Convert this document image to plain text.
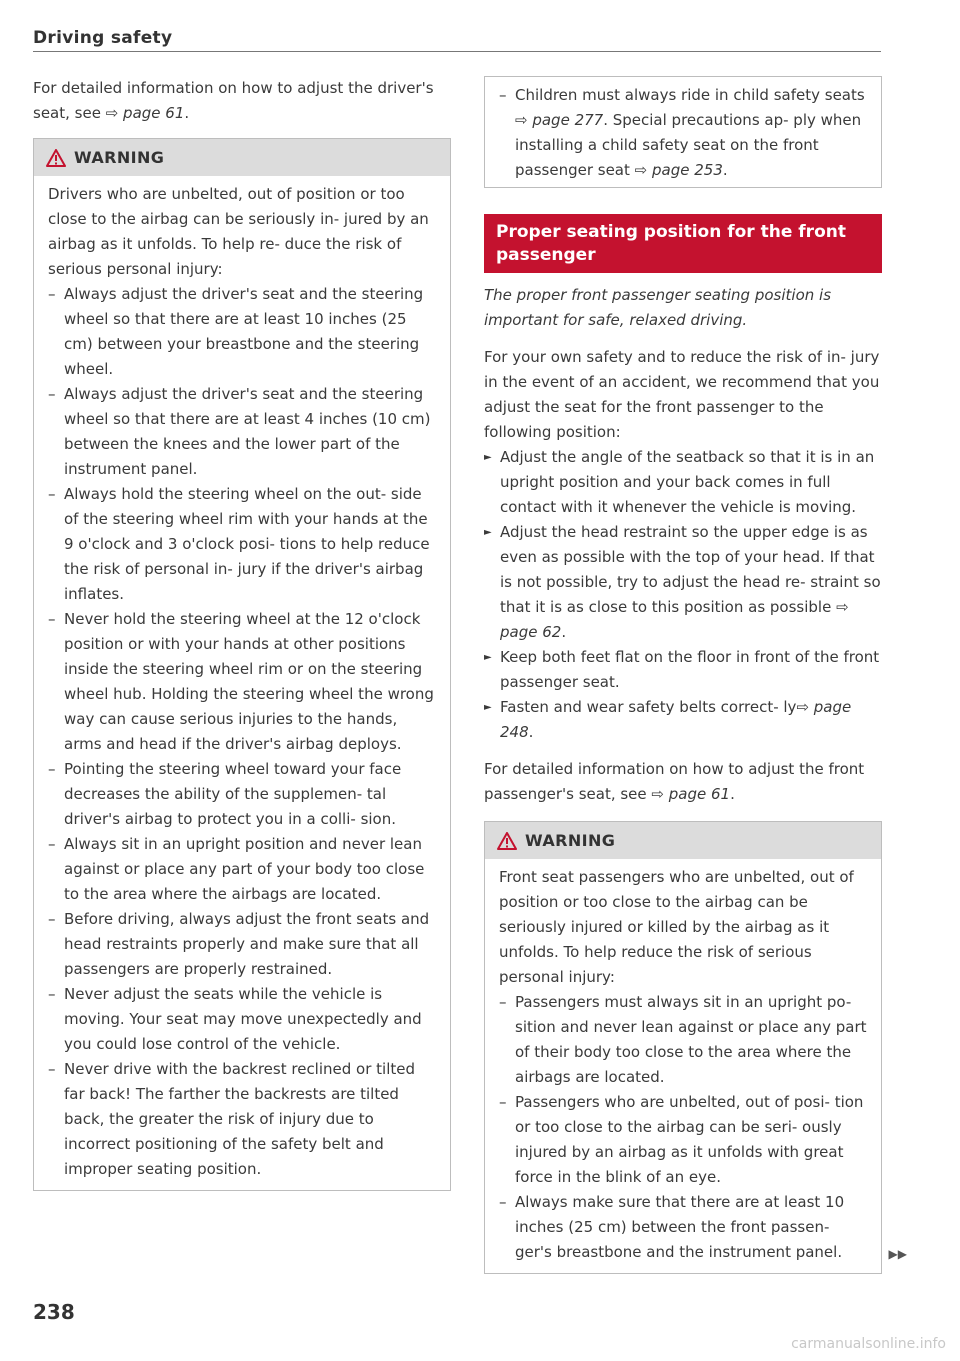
Driving safety

For detailed information on how to adjust the driver's seat, see ⇨ page 61.

WARNING

Drivers who are unbelted, out of position or too close to the airbag can be seriously in- jured by an airbag as it unfolds. To help re- duce the risk of serious personal injury:

– Always adjust the driver's seat and the steering wheel so that there are at least 10 inches (25 cm) between your breastbone and the steering wheel.
– Always adjust the driver's seat and the steering wheel so that there are at least 4 inches (10 cm) between the knees and the lower part of the instrument panel.
– Always hold the steering wheel on the out- side of the steering wheel rim with your hands at the 9 o'clock and 3 o'clock posi- tions to help reduce the risk of personal in- jury if the driver's airbag inflates.
– Never hold the steering wheel at the 12 o'clock position or with your hands at other positions inside the steering wheel rim or on the steering wheel hub. Holding the steering wheel the wrong way can cause serious injuries to the hands, arms and head if the driver's airbag deploys.
– Pointing the steering wheel toward your face decreases the ability of the supplemen- tal driver's airbag to protect you in a colli- sion.
– Always sit in an upright position and never lean against or place any part of your body too close to the area where the airbags are located.
– Before driving, always adjust the front seats and head restraints properly and make sure that all passengers are properly restrained.
– Never adjust the seats while the vehicle is moving. Your seat may move unexpectedly and you could lose control of the vehicle.
– Never drive with the backrest reclined or tilted far back! The farther the backrests are tilted back, the greater the risk of injury due to incorrect positioning of the safety belt and improper seating position.
– Children must always ride in child safety seats ⇨ page 277. Special precautions ap- ply when installing a child safety seat on the front passenger seat ⇨ page 253.
Proper seating position for the front passenger

The proper front passenger seating position is important for safe, relaxed driving.

For your own safety and to reduce the risk of in- jury in the event of an accident, we recommend that you adjust the seat for the front passenger to the following position:

► Adjust the angle of the seatback so that it is in an upright position and your back comes in full contact with it whenever the vehicle is moving.
► Adjust the head restraint so the upper edge is as even as possible with the top of your head. If that is not possible, try to adjust the head re- straint so that it is as close to this position as possible ⇨ page 62.
► Keep both feet flat on the floor in front of the front passenger seat.
► Fasten and wear safety belts correct- ly⇨ page 248.

For detailed information on how to adjust the front passenger's seat, see ⇨ page 61.

WARNING

Front seat passengers who are unbelted, out of position or too close to the airbag can be seriously injured or killed by the airbag as it unfolds. To help reduce the risk of serious personal injury:

– Passengers must always sit in an upright po- sition and never lean against or place any part of their body too close to the area where the airbags are located.
– Passengers who are unbelted, out of posi- tion or too close to the airbag can be seri- ously injured by an airbag as it unfolds with great force in the blink of an eye.
– Always make sure that there are at least 10 inches (25 cm) between the front passen- ger's breastbone and the instrument panel.	▶▶
238
carmanualsonline.info
